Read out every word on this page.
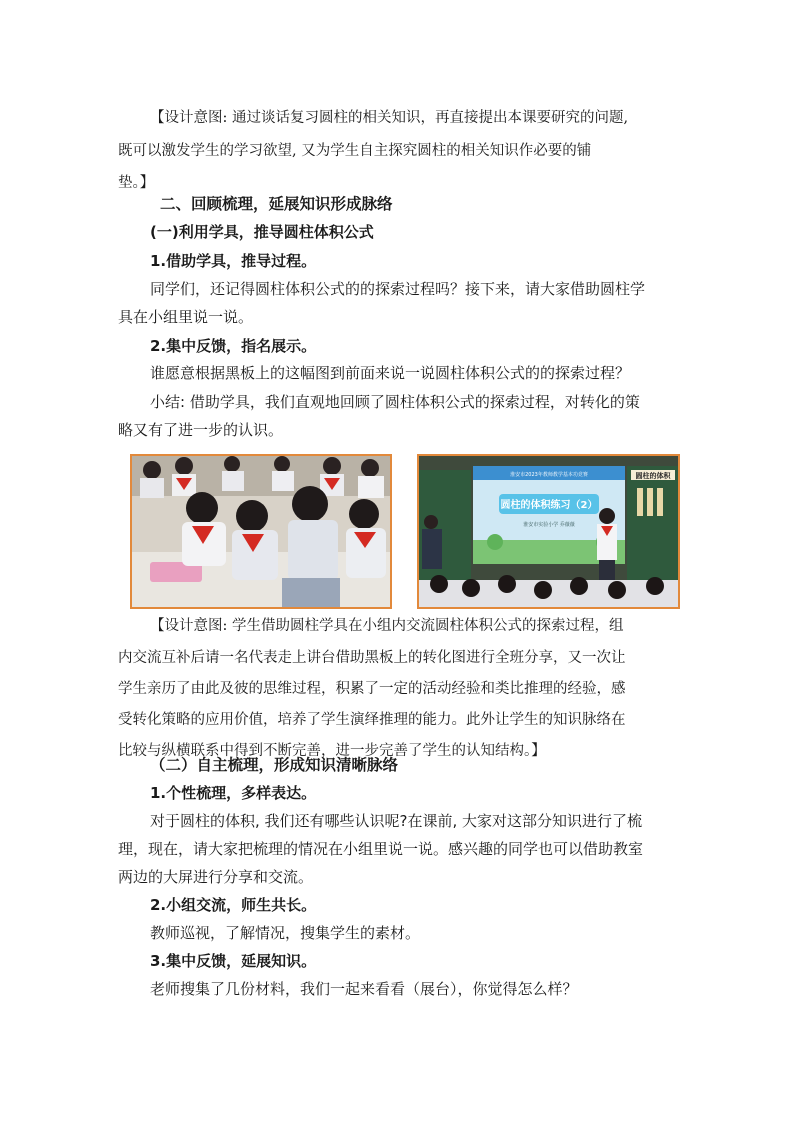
【设计意图: 通过谈话复习圆柱的相关知识，再直接提出本课要研究的问题,
既可以激发学生的学习欲望, 又为学生自主探究圆柱的相关知识作必要的铺
垫。】
二、回顾梳理，延展知识形成脉络
(一)利用学具，推导圆柱体积公式
1.借助学具，推导过程。
同学们，还记得圆柱体积公式的的探索过程吗？接下来，请大家借助圆柱学
具在小组里说一说。
2.集中反馈，指名展示。
谁愿意根据黑板上的这幅图到前面来说一说圆柱体积公式的的探索过程？
小结: 借助学具，我们直观地回顾了圆柱体积公式的探索过程，对转化的策
略又有了进一步的认识。
淮安市2023年教师教学基本功竞赛
圆柱的体积练习（2）
淮安市实验小学 乔薇薇
圆柱的体积
【设计意图: 学生借助圆柱学具在小组内交流圆柱体积公式的探索过程，组
内交流互补后请一名代表走上讲台借助黑板上的转化图进行全班分享，又一次让
学生亲历了由此及彼的思维过程，积累了一定的活动经验和类比推理的经验，感
受转化策略的应用价值，培养了学生演绎推理的能力。此外让学生的知识脉络在
比较与纵横联系中得到不断完善，进一步完善了学生的认知结构。】
（二）自主梳理，形成知识清晰脉络
1.个性梳理，多样表达。
对于圆柱的体积, 我们还有哪些认识呢?在课前, 大家对这部分知识进行了梳
理，现在，请大家把梳理的情况在小组里说一说。感兴趣的同学也可以借助教室
两边的大屏进行分享和交流。
2.小组交流，师生共长。
教师巡视，了解情况，搜集学生的素材。
3.集中反馈，延展知识。
老师搜集了几份材料，我们一起来看看（展台），你觉得怎么样？
